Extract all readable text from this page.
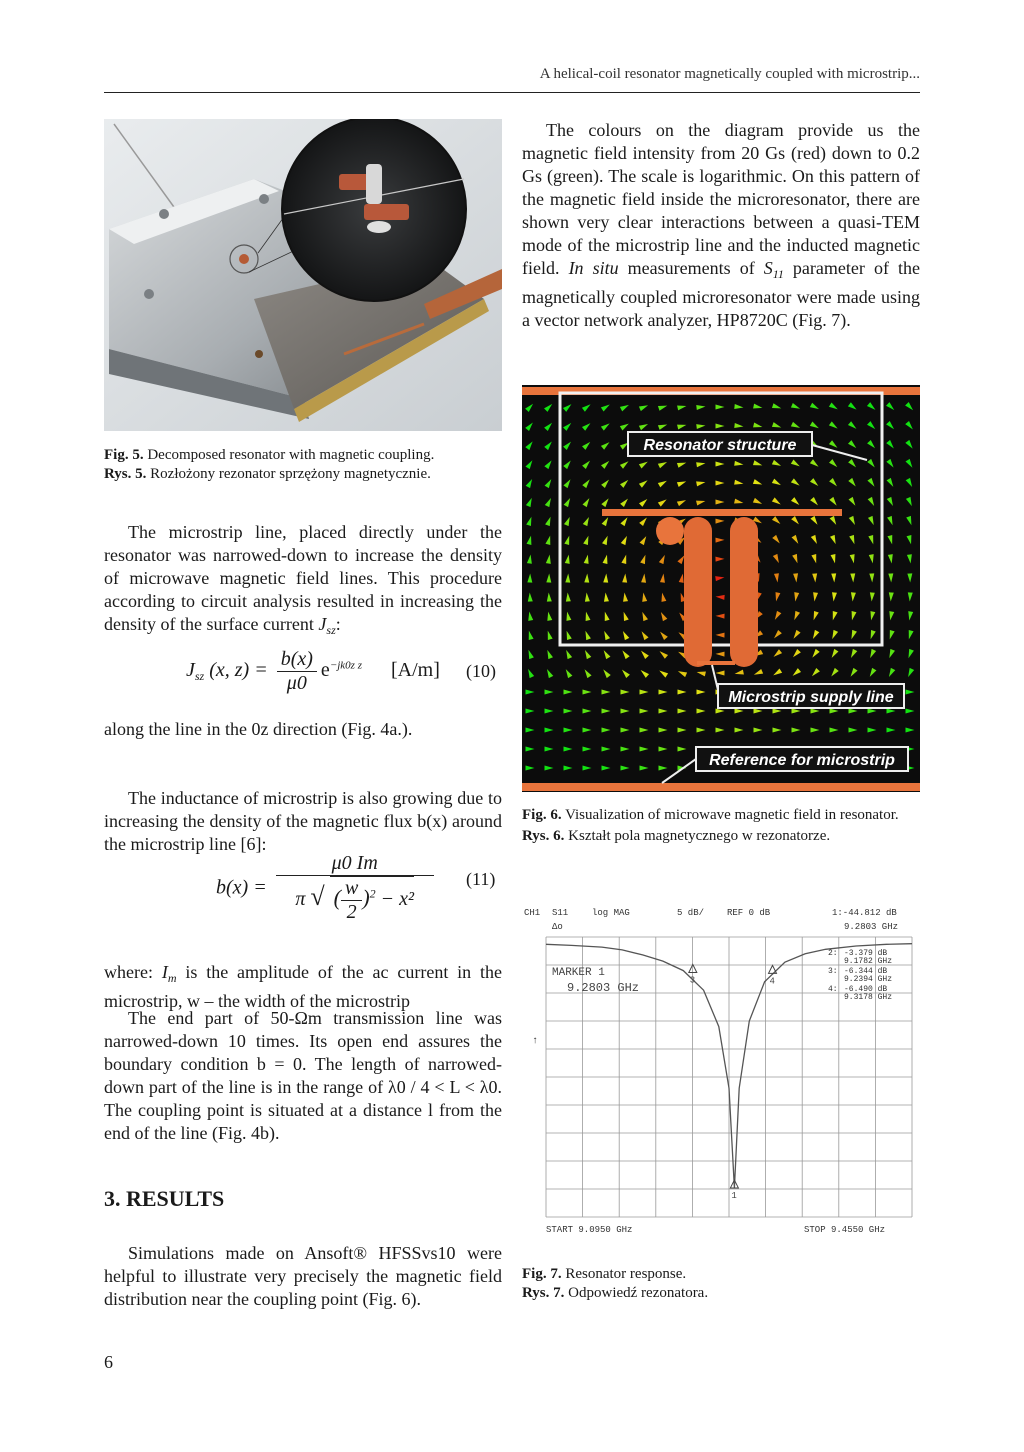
A helical-coil resonator magnetically coupled with microstrip...
Fig. 5. Decomposed resonator with magnetic coupling.
Rys. 5. Rozłożony rezonator sprzężony magnetycznie.

The colours on the diagram provide us the magnetic field intensity from 20 Gs (red) down to 0.2 Gs (green). The scale is logarithmic. On this pattern of the magnetic field inside the microresonator, there are shown very clear interactions between a quasi-TEM mode of the microstrip line and the inducted magnetic field. In situ measurements of $S_{11}$ parameter of the magnetically coupled microresonator were made using a vector network analyzer, HP8720C (Fig. 7).

Resonator structure
Microstrip supply line
Reference for microstrip
Fig. 6. Visualization of microwave magnetic field in resonator.
Rys. 6. Kształt pola magnetycznego w rezonatorze.

The microstrip line, placed directly under the resonator was narrowed-down to increase the density of microwave magnetic field lines. This procedure according to circuit analysis resulted in increasing the density of the surface current $J_{sz}$:

$J_{sz}$ (x, $z) = \frac{b(x)}{\mu 0} e^{-jk0z z}$ [A/m] (10)
along the line in the 0z direction (Fig. 4a.).

The inductance of microstrip is also growing due to increasing the density of the magnetic flux b(x) around the microstrip line [6]:

$b(x) = \frac{\mu 0 Im}{\pi √ ( \frac{w}{2} )^2 - x^2} (11)$
where: $I_m$ is the amplitude of the ac current in the microstrip, w – the width of the microstrip

The end part of 50-Ωm transmission line was narrowed-down 10 times. Its open end assures the boundary condition b = 0. The length of narrowed-down part of the line is in the range of λ0 / 4 < L < λ0. The coupling point is situated at a distance l from the end of the line (Fig. 4b).

3. RESULTS

Simulations made on Ansoft® HFSSvs10 were helpful to illustrate very precisely the magnetic field distribution near the coupling point (Fig. 6).

CH1 S11	log MAG	5 dB/	REF 0 dB	1:-44.812 dB
Δo	9.2803 GHz
MARKER 1
9.2803 GHz
2: -3.379 dB
9.1782 GHz
3: -6.344 dB
9.2394 GHz
4: -6.490 dB
9.3178 GHz
START 9.0950 GHz	STOP 9.4550 GHz
↑
3	4
1
Fig. 7. Resonator response.
Rys. 7. Odpowiedź rezonatora.
6
